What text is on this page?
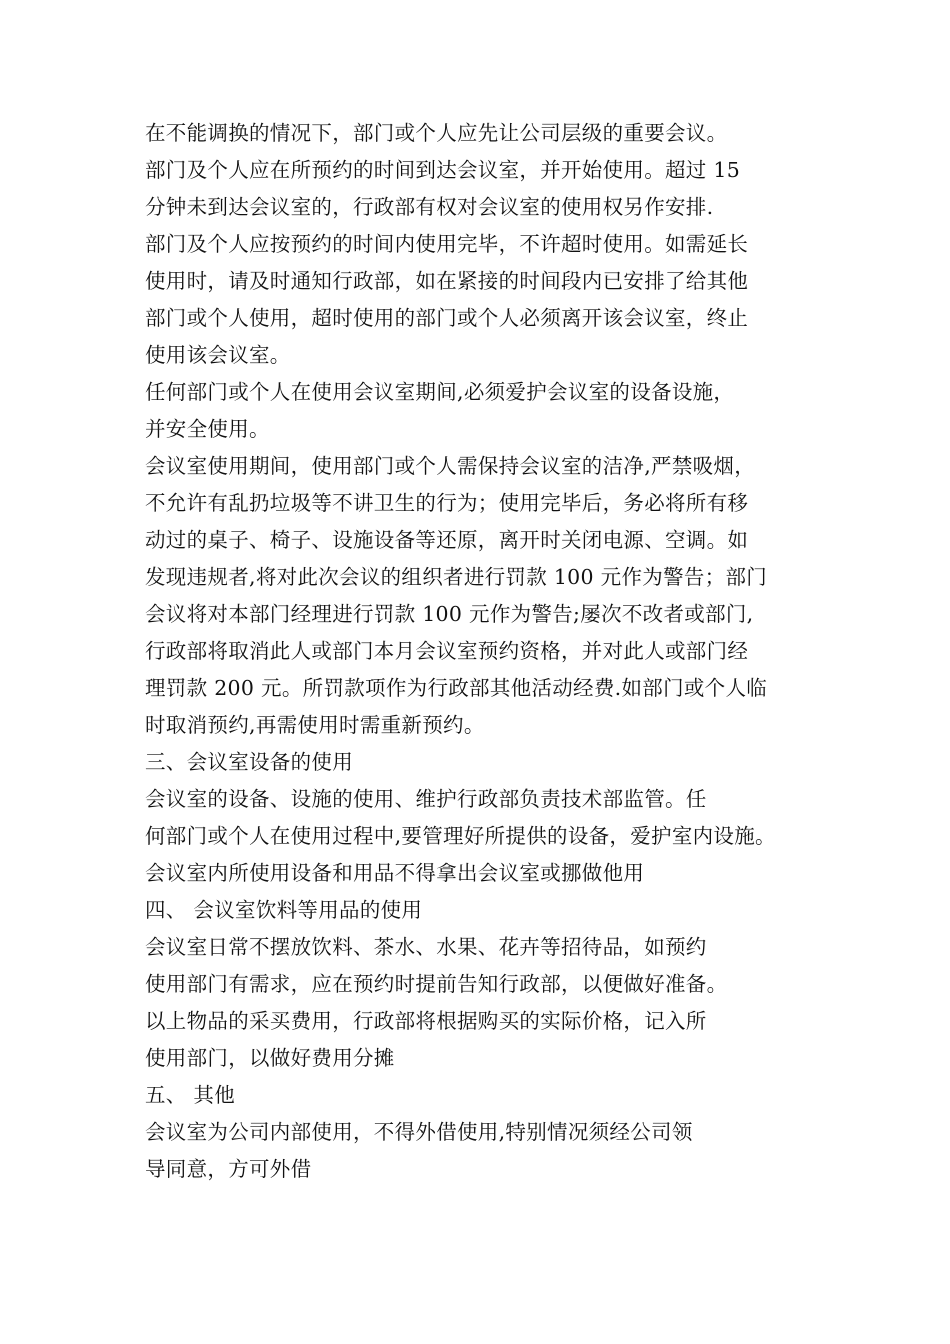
在不能调换的情况下，部门或个人应先让公司层级的重要会议。
部门及个人应在所预约的时间到达会议室，并开始使用。超过 15
分钟未到达会议室的，行政部有权对会议室的使用权另作安排.
部门及个人应按预约的时间内使用完毕，不许超时使用。如需延长
使用时，请及时通知行政部，如在紧接的时间段内已安排了给其他
部门或个人使用，超时使用的部门或个人必须离开该会议室，终止
使用该会议室。
任何部门或个人在使用会议室期间,必须爱护会议室的设备设施，
并安全使用。
会议室使用期间，使用部门或个人需保持会议室的洁净,严禁吸烟，
不允许有乱扔垃圾等不讲卫生的行为；使用完毕后，务必将所有移
动过的桌子、椅子、设施设备等还原，离开时关闭电源、空调。如
发现违规者,将对此次会议的组织者进行罚款 100 元作为警告；部门
会议将对本部门经理进行罚款 100 元作为警告;屡次不改者或部门,
行政部将取消此人或部门本月会议室预约资格，并对此人或部门经
理罚款 200 元。所罚款项作为行政部其他活动经费.如部门或个人临
时取消预约,再需使用时需重新预约。
三、会议室设备的使用
会议室的设备、设施的使用、维护行政部负责技术部监管。任
何部门或个人在使用过程中,要管理好所提供的设备，爱护室内设施。
会议室内所使用设备和用品不得拿出会议室或挪做他用
四、 会议室饮料等用品的使用
会议室日常不摆放饮料、茶水、水果、花卉等招待品，如预约
使用部门有需求，应在预约时提前告知行政部，以便做好准备。
以上物品的采买费用，行政部将根据购买的实际价格，记入所
使用部门，以做好费用分摊
五、 其他
会议室为公司内部使用，不得外借使用,特别情况须经公司领
导同意，方可外借
